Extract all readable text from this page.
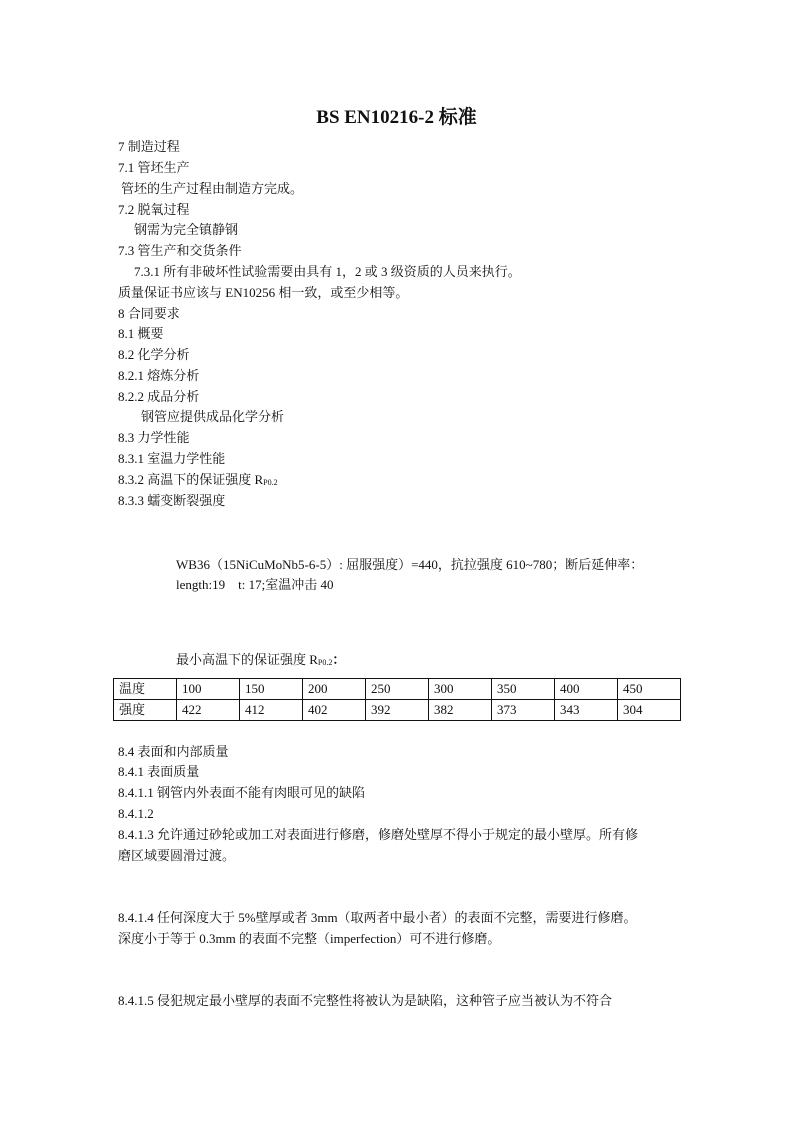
BS EN10216-2 标准
7 制造过程
7.1 管坯生产
管坯的生产过程由制造方完成。
7.2 脱氧过程
钢需为完全镇静钢
7.3 管生产和交货条件
7.3.1 所有非破坏性试验需要由具有 1，2 或 3 级资质的人员来执行。
质量保证书应该与 EN10256 相一致，或至少相等。
8 合同要求
8.1 概要
8.2 化学分析
8.2.1 熔炼分析
8.2.2 成品分析
钢管应提供成品化学分析
8.3 力学性能
8.3.1 室温力学性能
8.3.2 高温下的保证强度 $R_{P0.2}$
8.3.3 蠕变断裂强度
WB36（15NiCuMoNb5-6-5）: 屈服强度）=440，抗拉强度 610~780；断后延伸率：
length:19    t: 17;室温冲击 40
最小高温下的保证强度 $R_{P0.2}$：
温度	100	150	200	250	300	350	400	450
强度	422	412	402	392	382	373	343	304
8.4 表面和内部质量
8.4.1 表面质量
8.4.1.1 钢管内外表面不能有肉眼可见的缺陷
8.4.1.2
8.4.1.3 允许通过砂轮或加工对表面进行修磨，修磨处壁厚不得小于规定的最小壁厚。所有修
磨区域要圆滑过渡。
8.4.1.4 任何深度大于 5%壁厚或者 3mm（取两者中最小者）的表面不完整，需要进行修磨。
深度小于等于 0.3mm 的表面不完整（imperfection）可不进行修磨。
8.4.1.5 侵犯规定最小壁厚的表面不完整性将被认为是缺陷，这种管子应当被认为不符合
